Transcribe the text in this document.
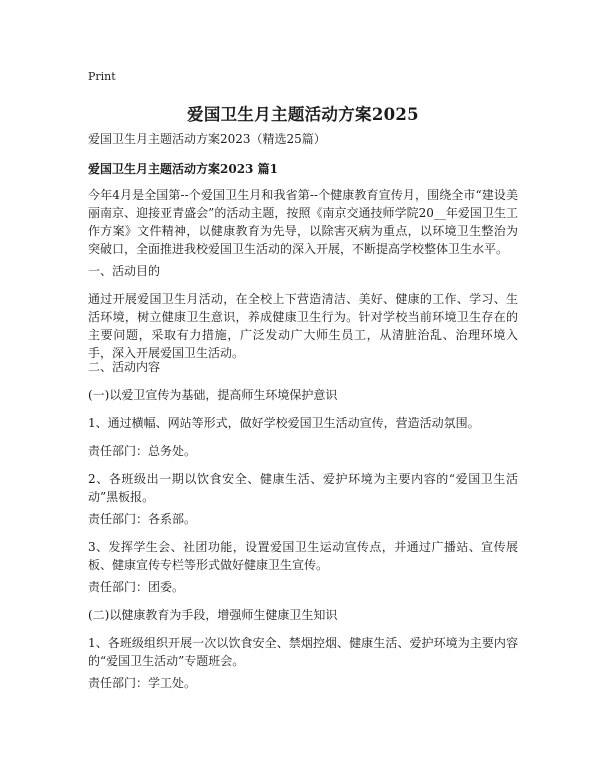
Print
爱国卫生月主题活动方案2025
爱国卫生月主题活动方案2023（精选25篇）
爱国卫生月主题活动方案2023 篇1
今年4月是全国第--个爱国卫生月和我省第--个健康教育宣传月，围绕全市“建设美丽南京、迎接亚青盛会”的活动主题，按照《南京交通技师学院20__年爱国卫生工作方案》文件精神，以健康教育为先导，以除害灭病为重点，以环境卫生整治为突破口，全面推进我校爱国卫生活动的深入开展，不断提高学校整体卫生水平。
一、活动目的
通过开展爱国卫生月活动，在全校上下营造清洁、美好、健康的工作、学习、生活环境，树立健康卫生意识，养成健康卫生行为。针对学校当前环境卫生存在的主要问题，采取有力措施，广泛发动广大师生员工，从清脏治乱、治理环境入手，深入开展爱国卫生活动。
二、活动内容
(一)以爱卫宣传为基础，提高师生环境保护意识
1、通过横幅、网站等形式，做好学校爱国卫生活动宣传，营造活动氛围。
责任部门：总务处。
2、各班级出一期以饮食安全、健康生活、爱护环境为主要内容的“爱国卫生活动”黑板报。
责任部门：各系部。
3、发挥学生会、社团功能，设置爱国卫生运动宣传点，并通过广播站、宣传展板、健康宣传专栏等形式做好健康卫生宣传。
责任部门：团委。
(二)以健康教育为手段，增强师生健康卫生知识
1、各班级组织开展一次以饮食安全、禁烟控烟、健康生活、爱护环境为主要内容的“爱国卫生活动”专题班会。
责任部门：学工处。
